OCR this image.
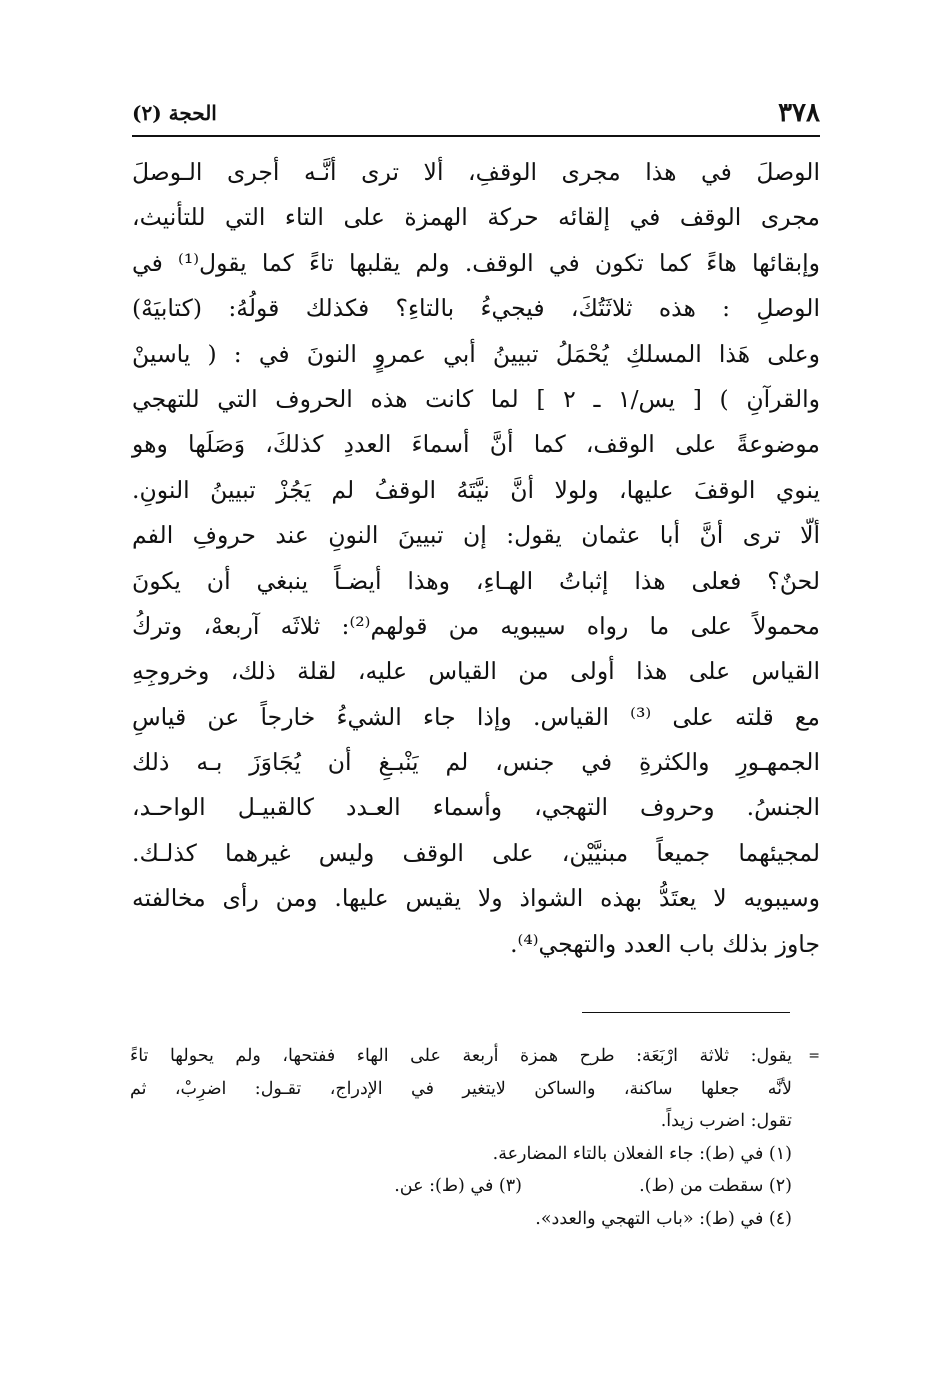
٣٧٨
الحجة (٢)
الوصلَ في هذا مجرى الوقفِ، ألا ترى أنَّـه أجرى الـوصلَ
مجرى الوقف في إلقائه حركة الهمزة على التاء التي للتأنيث،
وإبقائها هاءً كما تكون في الوقف. ولم يقلبها تاءً كما يقول⁽¹⁾ في
الوصلِ : هذه ثلاثَتُكَ، فيجيءُ بالتاءِ؟ فكذلك قولُهُ: (كتابيَهْ)
وعلى هَذا المسلكِ يُحْمَلُ تبيينُ أبي عمروٍ النونَ في : ( ياسينْ
والقرآنِ ) [ يس/١ ـ ٢ ] لما كانت هذه الحروف التي للتهجي
موضوعةً على الوقف، كما أنَّ أسماءَ العددِ كذلكَ، وَصَلَها وهو
ينوي الوقفَ عليها، ولولا أنَّ نيَّتَهُ الوقفُ لم يَجُزْ تبيينُ النونِ.
ألّا ترى أنَّ أبا عثمان يقول: إن تبيينَ النونِ عند حروفِ الفم
لحنٌ؟ فعلى هذا إثباتُ الهـاءِ، وهذا أيضـاً ينبغي أن يكونَ
محمولاً على ما رواه سيبويه من قولهم⁽²⁾: ثلاثَه آربعهْ، وتركُ
القياس على هذا أولى من القياس عليه، لقلة ذلك، وخروجِهِ
مع قلته على ⁽³⁾ القياس. وإذا جاء الشيءُ خارجاً عن قياسِ
الجمهـورِ والكثرةِ في جنس، لم يَنْبـغِ أن يُجَاوَزَ بـه ذلك
الجنسُ. وحروف التهجي، وأسماء العـدد كالقبيـل الواحـد،
لمجيئهما جميعاً مبنيَّيْن، على الوقف وليس غيرهما كذلـك.
وسيبويه لا يعتَدُّ بهذه الشواذ ولا يقيس عليها. ومن رأى مخالفته
جاوز بذلك باب العدد والتهجي⁽⁴⁾.
=
يقول: ثلاثة ارْبَعَة: طرح همزة أربعة على الهاء ففتحها، ولم يحولها تاءً
لأنَّه جعلها ساكنة، والساكن لايتغير في الإدراج، تقـول: اضرِبْ، ثم
تقول: اضرب زيداً.
(١) في (ط): جاء الفعلان بالتاء المضارعة.
(٢) سقطت من (ط).
(٣) في (ط): عن.
(٤) في (ط): «باب التهجي والعدد».
